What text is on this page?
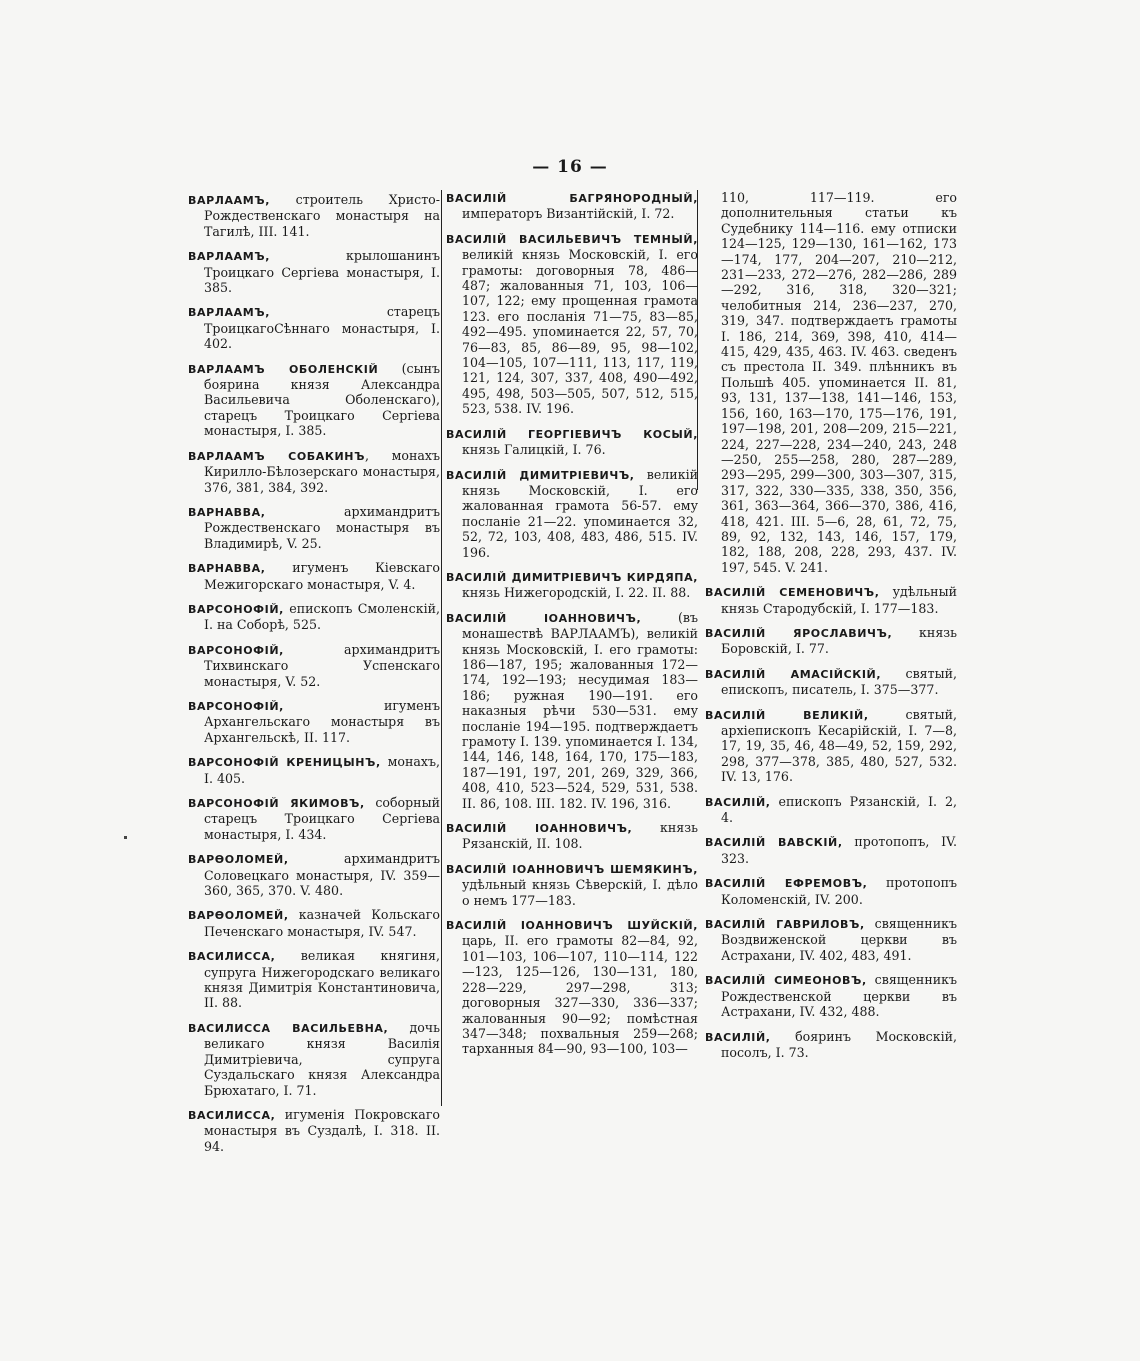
— 16 —
ВАРЛААМЪ, строитель Христо-Рождественскаго монастыря на Тагилѣ, III. 141.
ВАРЛААМЪ, крылошанинъ Троицкаго Сергіева монастыря, I. 385.
ВАРЛААМЪ, старецъ ТроицкагоСѣннаго монастыря, I. 402.
ВАРЛААМЪ ОБОЛЕНСКІЙ (сынъ боярина князя Александра Васильевича Оболенскаго), старецъ Троицкаго Сергіева монастыря, I. 385.
ВАРЛААМЪ СОБАКИНЪ, монахъ Кирилло-Бѣлозерскаго монастыря, 376, 381, 384, 392.
ВАРНАВВА, архимандритъ Рождественскаго монастыря въ Владимирѣ, V. 25.
ВАРНАВВА, игуменъ Кіевскаго Межигорскаго монастыря, V. 4.
ВАРСОНОФІЙ, епископъ Смоленскій, I. на Соборѣ, 525.
ВАРСОНОФІЙ, архимандритъ Тихвинскаго Успенскаго монастыря, V. 52.
ВАРСОНОФІЙ, игуменъ Архангельскаго монастыря въ Архангельскѣ, II. 117.
ВАРСОНОФІЙ КРЕНИЦЫНЪ, монахъ, I. 405.
ВАРСОНОФІЙ ЯКИМОВЪ, соборный старецъ Троицкаго Сергіева монастыря, I. 434.
ВАРѲОЛОМЕЙ, архимандритъ Соловецкаго монастыря, IV. 359—360, 365, 370. V. 480.
ВАРѲОЛОМЕЙ, казначей Кольскаго Печенскаго монастыря, IV. 547.
ВАСИЛИССА, великая княгиня, супруга Нижегородскаго великаго князя Димитрія Константиновича, II. 88.
ВАСИЛИССА ВАСИЛЬЕВНА, дочь великаго князя Василія Димитріевича, супруга Суздальскаго князя Александра Брюхатаго, I. 71.
ВАСИЛИССА, игуменія Покровскаго монастыря въ Суздалѣ, I. 318. II. 94.
ВАСИЛІЙ БАГРЯНОРОДНЫЙ, императоръ Византійскій, I. 72.
ВАСИЛІЙ ВАСИЛЬЕВИЧЪ ТЕМНЫЙ, великій князь Московскій, I. его грамоты: договорныя 78, 486—487; жалованныя 71, 103, 106—107, 122; ему прощенная грамота 123. его посланія 71—75, 83—85, 492—495. упоминается 22, 57, 70, 76—83, 85, 86—89, 95, 98—102, 104—105, 107—111, 113, 117, 119, 121, 124, 307, 337, 408, 490—492, 495, 498, 503—505, 507, 512, 515, 523, 538. IV. 196.
ВАСИЛІЙ ГЕОРГІЕВИЧЪ КОСЫЙ, князь Галицкій, I. 76.
ВАСИЛІЙ ДИМИТРІЕВИЧЪ, великій князь Московскій, I. его жалованная грамота 56-57. ему посланіе 21—22. упоминается 32, 52, 72, 103, 408, 483, 486, 515. IV. 196.
ВАСИЛІЙ ДИМИТРІЕВИЧЪ КИРДЯПА, князь Нижегородскій, I. 22. II. 88.
ВАСИЛІЙ ІОАННОВИЧЪ, (въ монашествѣ ВАРЛААМЪ), великій князь Московскій, I. его грамоты: 186—187, 195; жалованныя 172—174, 192—193; несудимая 183—186; ружная 190—191. его наказныя рѣчи 530—531. ему посланіе 194—195. подтверждаетъ грамоту I. 139. упоминается I. 134, 144, 146, 148, 164, 170, 175—183, 187—191, 197, 201, 269, 329, 366, 408, 410, 523—524, 529, 531, 538. II. 86, 108. III. 182. IV. 196, 316.
ВАСИЛІЙ ІОАННОВИЧЪ, князь Рязанскій, II. 108.
ВАСИЛІЙ ІОАННОВИЧЪ ШЕМЯКИНЪ, удѣльный князь Сѣверскій, I. дѣло о немъ 177—183.
ВАСИЛІЙ ІОАННОВИЧЪ ШУЙСКІЙ, царь, II. его грамоты 82—84, 92, 101—103, 106—107, 110—114, 122—123, 125—126, 130—131, 180, 228—229, 297—298, 313; договорныя 327—330, 336—337; жалованныя 90—92; помѣстная 347—348; похвальныя 259—268; тарханныя 84—90, 93—100, 103—
110, 117—119. его дополнительныя статьи къ Судебнику 114—116. ему отписки 124—125, 129—130, 161—162, 173—174, 177, 204—207, 210—212, 231—233, 272—276, 282—286, 289—292, 316, 318, 320—321; челобитныя 214, 236—237, 270, 319, 347. подтверждаетъ грамоты I. 186, 214, 369, 398, 410, 414—415, 429, 435, 463. IV. 463. сведенъ съ престола II. 349. плѣнникъ въ Польшѣ 405. упоминается II. 81, 93, 131, 137—138, 141—146, 153, 156, 160, 163—170, 175—176, 191, 197—198, 201, 208—209, 215—221, 224, 227—228, 234—240, 243, 248—250, 255—258, 280, 287—289, 293—295, 299—300, 303—307, 315, 317, 322, 330—335, 338, 350, 356, 361, 363—364, 366—370, 386, 416, 418, 421. III. 5—6, 28, 61, 72, 75, 89, 92, 132, 143, 146, 157, 179, 182, 188, 208, 228, 293, 437. IV. 197, 545. V. 241.
ВАСИЛІЙ СЕМЕНОВИЧЪ, удѣльный князь Стародубскій, I. 177—183.
ВАСИЛІЙ ЯРОСЛАВИЧЪ, князь Боровскій, I. 77.
ВАСИЛІЙ АМАСІЙСКІЙ, святый, епископъ, писатель, I. 375—377.
ВАСИЛІЙ ВЕЛИКІЙ, святый, архіепископъ Кесарійскій, I. 7—8, 17, 19, 35, 46, 48—49, 52, 159, 292, 298, 377—378, 385, 480, 527, 532. IV. 13, 176.
ВАСИЛІЙ, епископъ Рязанскій, I. 2, 4.
ВАСИЛІЙ ВАВСКІЙ, протопопъ, IV. 323.
ВАСИЛІЙ ЕФРЕМОВЪ, протопопъ Коломенскій, IV. 200.
ВАСИЛІЙ ГАВРИЛОВЪ, священникъ Воздвиженской церкви въ Астрахани, IV. 402, 483, 491.
ВАСИЛІЙ СИМЕОНОВЪ, священникъ Рождественской церкви въ Астрахани, IV. 432, 488.
ВАСИЛІЙ, бояринъ Московскій, посолъ, I. 73.
